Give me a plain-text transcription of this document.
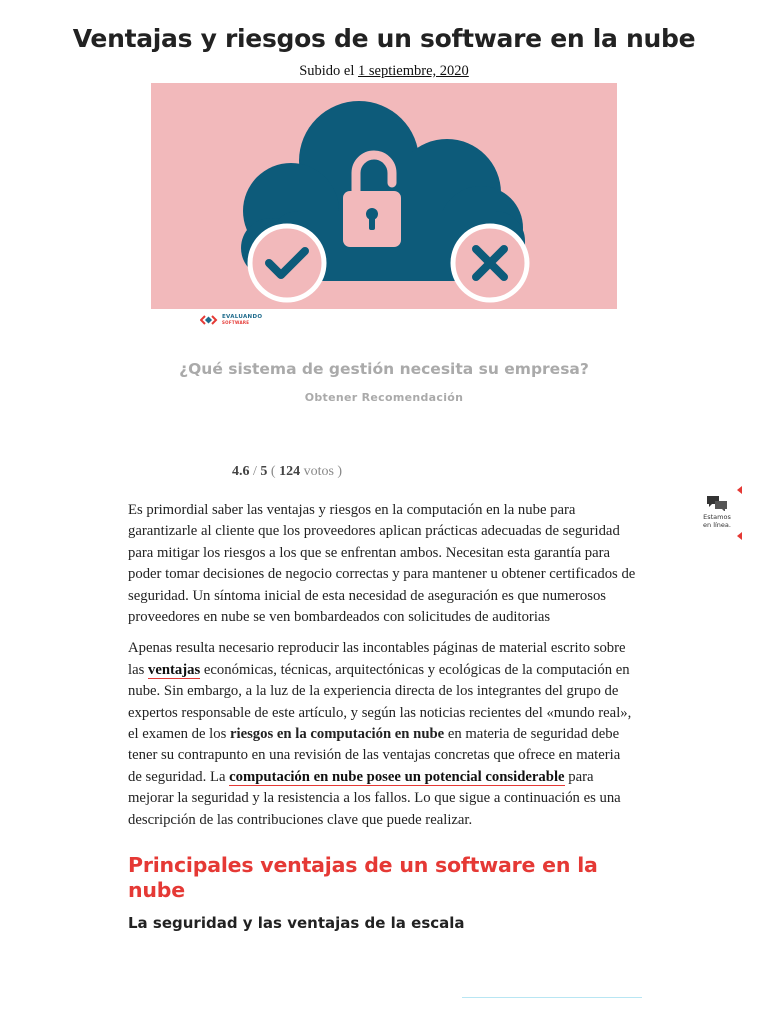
Ventajas y riesgos de un software en la nube
Subido el 1 septiembre, 2020
EVALUANDO
SOFTWARE
¿Qué sistema de gestión necesita su empresa?
Obtener Recomendación
4.6 / 5 ( 124 votos )

Es primordial saber las ventajas y riesgos en la computación en la nube para garantizarle al cliente que los proveedores aplican prácticas adecuadas de seguridad para mitigar los riesgos a los que se enfrentan ambos. Necesitan esta garantía para poder tomar decisiones de negocio correctas y para mantener u obtener certificados de seguridad. Un síntoma inicial de esta necesidad de aseguración es que numerosos proveedores en nube se ven bombardeados con solicitudes de auditorias

Apenas resulta necesario reproducir las incontables páginas de material escrito sobre las ventajas económicas, técnicas, arquitectónicas y ecológicas de la computación en nube. Sin embargo, a la luz de la experiencia directa de los integrantes del grupo de expertos responsable de este artículo, y según las noticias recientes del «mundo real», el examen de los riesgos en la computación en nube en materia de seguridad debe tener su contrapunto en una revisión de las ventajas concretas que ofrece en materia de seguridad. La computación en nube posee un potencial considerable para mejorar la seguridad y la resistencia a los fallos. Lo que sigue a continuación es una descripción de las contribuciones clave que puede realizar.

Principales ventajas de un software en la nube
La seguridad y las ventajas de la escala
Estamos
en línea.
